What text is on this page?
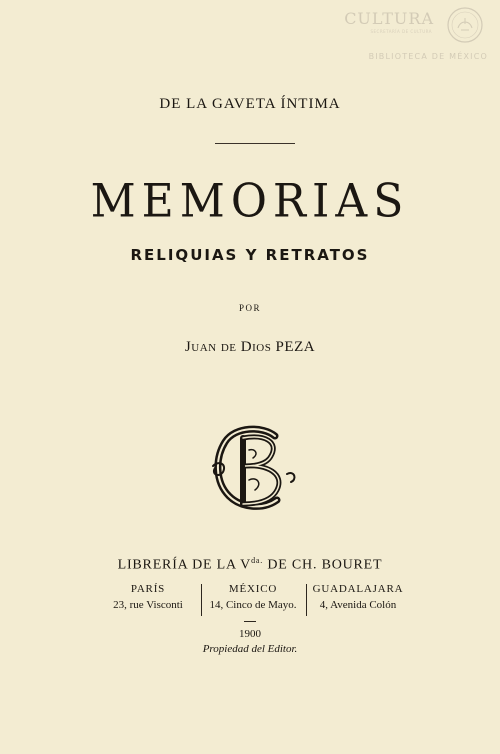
CULTURA
SECRETARÍA DE CULTURA
BIBLIOTECA DE MÉXICO
DE LA GAVETA ÍNTIMA
MEMORIAS
RELIQUIAS Y RETRATOS
POR
Juan de Dios PEZA
LIBRERÍA DE LA $V^{da.}$ DE CH. BOURET
PARÍS
23, rue Visconti
MÉXICO
14, Cinco de Mayo.
GUADALAJARA
4, Avenida Colón
1900
Propiedad del Editor.
